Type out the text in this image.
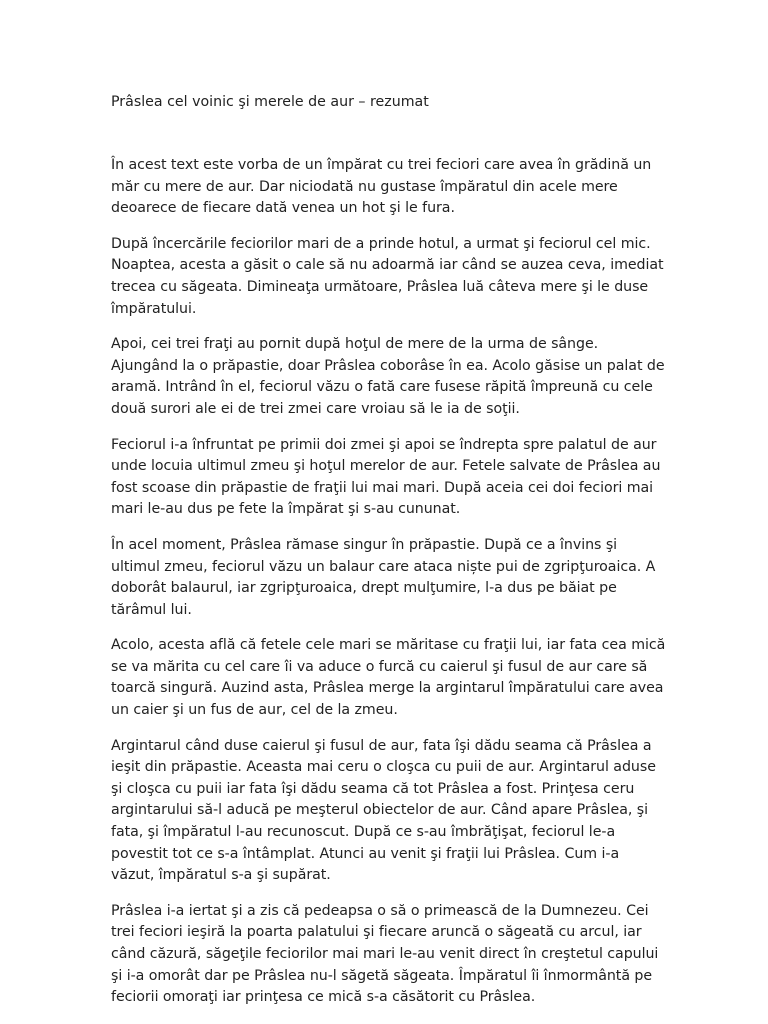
Prâslea cel voinic şi merele de aur – rezumat

În acest text este vorba de un împărat cu trei feciori care avea în grădină un măr cu mere de aur. Dar niciodată nu gustase împăratul din acele mere deoarece de fiecare dată venea un hot şi le fura.

După încercările feciorilor mari de a prinde hotul, a urmat şi feciorul cel mic. Noaptea, acesta a găsit o cale să nu adoarmă iar când se auzea ceva, imediat trecea cu săgeata. Dimineaţa următoare, Prâslea luă câteva mere şi le duse împăratului.

Apoi, cei trei fraţi au pornit după hoţul de mere de la urma de sânge. Ajungând la o prăpastie, doar Prâslea coborâse în ea. Acolo găsise un palat de aramă. Intrând în el, feciorul văzu o fată care fusese răpită împreună cu cele două surori ale ei de trei zmei care vroiau să le ia de soţii.

Feciorul i-a înfruntat pe primii doi zmei şi apoi se îndrepta spre palatul de aur unde locuia ultimul zmeu şi hoţul merelor de aur. Fetele salvate de Prâslea au fost scoase din prăpastie de fraţii lui mai mari. După aceia cei doi feciori mai mari le-au dus pe fete la împărat şi s-au cununat.

În acel moment, Prâslea rămase singur în prăpastie. După ce a învins şi ultimul zmeu, feciorul văzu un balaur care ataca niște pui de zgripţuroaica. A doborât balaurul, iar zgripţuroaica, drept mulţumire, l-a dus pe băiat pe tărâmul lui.

Acolo, acesta află că fetele cele mari se măritase cu fraţii lui, iar fata cea mică se va mărita cu cel care îi va aduce o furcă cu caierul şi fusul de aur care să toarcă singură. Auzind asta, Prâslea merge la argintarul împăratului care avea un caier şi un fus de aur, cel de la zmeu.

Argintarul când duse caierul şi fusul de aur, fata îşi dădu seama că Prâslea a ieşit din prăpastie. Aceasta mai ceru o cloşca cu puii de aur. Argintarul aduse şi cloşca cu puii iar fata îşi dădu seama că tot Prâslea a fost. Prinţesa ceru argintarului să-l aducă pe meşterul obiectelor de aur. Când apare Prâslea, şi fata, şi împăratul l-au recunoscut. După ce s-au îmbrăţişat, feciorul le-a povestit tot ce s-a întâmplat. Atunci au venit şi fraţii lui Prâslea. Cum i-a văzut, împăratul s-a şi supărat.

Prâslea i-a iertat şi a zis că pedeapsa o să o primească de la Dumnezeu. Cei trei feciori ieşiră la poarta palatului şi fiecare aruncă o săgeată cu arcul, iar când căzură, săgeţile feciorilor mai mari le-au venit direct în creştetul capului şi i-a omorât dar pe Prâslea nu-l săgetă săgeata. Împăratul îi înmormântă pe feciorii omoraţi iar prinţesa ce mică s-a căsătorit cu Prâslea.
